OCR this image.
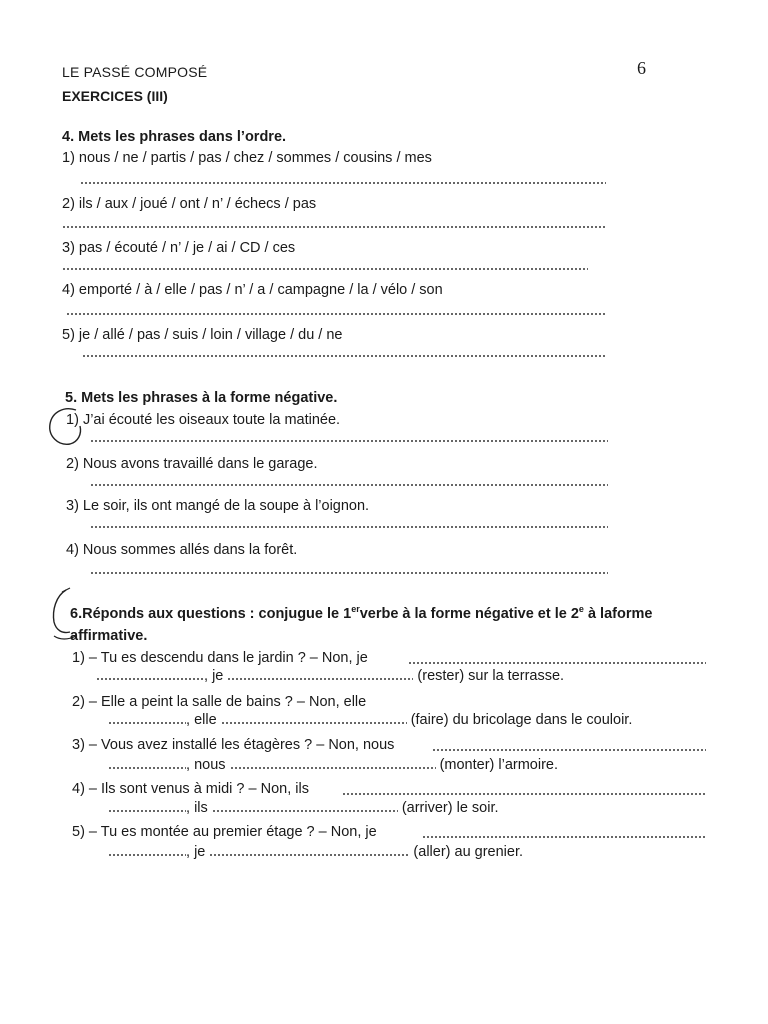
LE PASSÉ COMPOSÉ
EXERCICES (III)
6
4. Mets les phrases dans l’ordre.
1) nous / ne / partis / pas / chez / sommes / cousins / mes
2) ils / aux / joué / ont / n’ / échecs / pas
3) pas / écouté / n’ / je / ai / CD / ces
4) emporté / à / elle / pas / n’ / a / campagne / la / vélo / son
5) je / allé / pas / suis / loin / village / du / ne
5. Mets les phrases à la forme négative.
1) J’ai écouté les oiseaux toute la matinée.
2) Nous avons travaillé dans le garage.
3) Le soir, ils ont mangé de la soupe à l’oignon.
4) Nous sommes allés dans la forêt.
6.Réponds aux questions : conjugue le 1erverbe à la forme négative et le 2e à laforme
affirmative.
1) – Tu es descendu dans le jardin ? – Non, je
, je	(rester) sur la terrasse.
2) – Elle a peint la salle de bains ? – Non, elle
, elle	(faire) du bricolage dans le couloir.
3) – Vous avez installé les étagères ? – Non, nous
, nous	(monter) l’armoire.
4) – Ils sont venus à midi ? – Non, ils
, ils	(arriver) le soir.
5) – Tu es montée au premier étage ? – Non, je
, je	(aller) au grenier.
